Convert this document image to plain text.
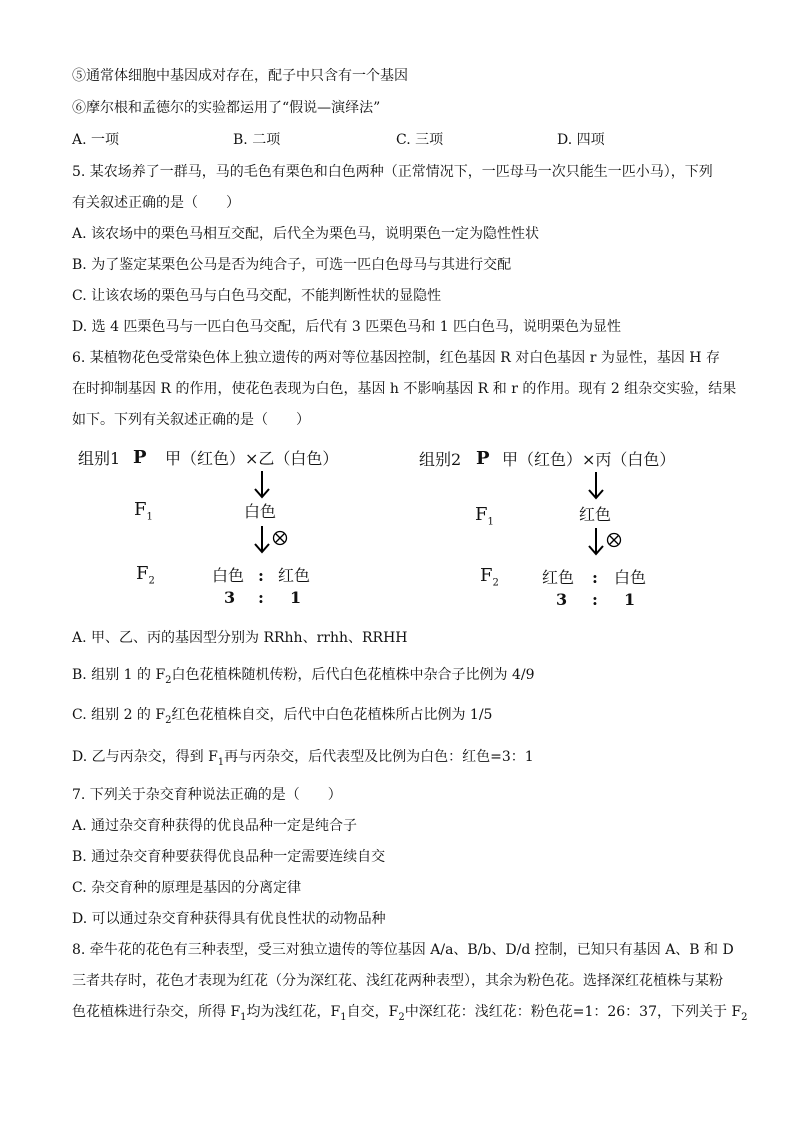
⑤通常体细胞中基因成对存在，配子中只含有一个基因
⑥摩尔根和孟德尔的实验都运用了“假说—演绎法”
A. 一项	B. 二项	C. 三项	D. 四项
5. 某农场养了一群马，马的毛色有栗色和白色两种（正常情况下，一匹母马一次只能生一匹小马），下列
有关叙述正确的是（　　）
A. 该农场中的栗色马相互交配，后代全为栗色马，说明栗色一定为隐性性状
B. 为了鉴定某栗色公马是否为纯合子，可选一匹白色母马与其进行交配
C. 让该农场的栗色马与白色马交配，不能判断性状的显隐性
D. 选 4 匹栗色马与一匹白色马交配，后代有 3 匹栗色马和 1 匹白色马，说明栗色为显性
6. 某植物花色受常染色体上独立遗传的两对等位基因控制，红色基因 R 对白色基因 r 为显性，基因 H 存
在时抑制基因 R 的作用，使花色表现为白色，基因 h 不影响基因 R 和 r 的作用。现有 2 组杂交实验，结果
如下。下列有关叙述正确的是（　　）
组别1 P 甲（红色）×乙（白色）
$F_1$	白色
$F_2$	白色 : 红色
3 : 1
组别2 P 甲（红色）×丙（白色）
$F_1$	红色
$F_2$	红色 : 白色
3 : 1
A. 甲、乙、丙的基因型分别为 RRhh、rrhh、RRHH
B. 组别 1 的 $F_2$白色花植株随机传粉，后代白色花植株中杂合子比例为 4/9
C. 组别 2 的 $F_2$红色花植株自交，后代中白色花植株所占比例为 1/5
D. 乙与丙杂交，得到 $F_1$再与丙杂交，后代表型及比例为白色：红色=3：1
7. 下列关于杂交育种说法正确的是（　　）
A. 通过杂交育种获得的优良品种一定是纯合子
B. 通过杂交育种要获得优良品种一定需要连续自交
C. 杂交育种的原理是基因的分离定律
D. 可以通过杂交育种获得具有优良性状的动物品种
8. 牵牛花的花色有三种表型，受三对独立遗传的等位基因 A/a、B/b、D/d 控制，已知只有基因 A、B 和 D
三者共存时，花色才表现为红花（分为深红花、浅红花两种表型），其余为粉色花。选择深红花植株与某粉
色花植株进行杂交，所得 $F_1$均为浅红花，$F_1$自交，$F_2$中深红花：浅红花：粉色花=1：26：37，下列关于 $F_2$
